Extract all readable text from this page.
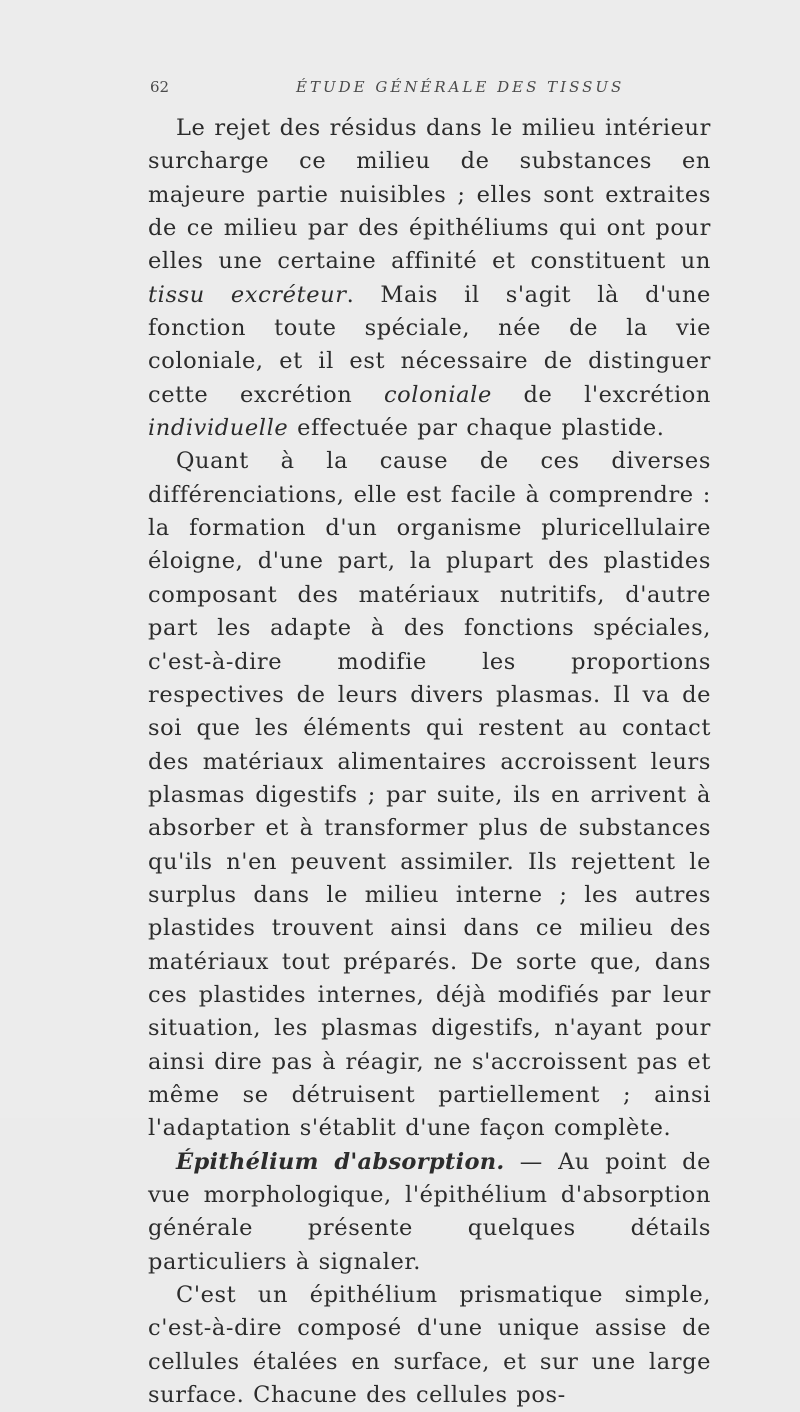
62	ÉTUDE GÉNÉRALE DES TISSUS

Le rejet des résidus dans le milieu intérieur surcharge ce milieu de substances en majeure partie nuisibles ; elles sont extraites de ce milieu par des épithéliums qui ont pour elles une certaine affinité et constituent un tissu excréteur. Mais il s'agit là d'une fonction toute spéciale, née de la vie coloniale, et il est nécessaire de distinguer cette excrétion coloniale de l'excrétion individuelle effectuée par chaque plastide.

Quant à la cause de ces diverses différenciations, elle est facile à comprendre : la formation d'un organisme pluricellulaire éloigne, d'une part, la plupart des plastides composant des matériaux nutritifs, d'autre part les adapte à des fonctions spéciales, c'est-à-dire modifie les proportions respectives de leurs divers plasmas. Il va de soi que les éléments qui restent au contact des matériaux alimentaires accroissent leurs plasmas digestifs ; par suite, ils en arrivent à absorber et à transformer plus de substances qu'ils n'en peuvent assimiler. Ils rejettent le surplus dans le milieu interne ; les autres plastides trouvent ainsi dans ce milieu des matériaux tout préparés. De sorte que, dans ces plastides internes, déjà modifiés par leur situation, les plasmas digestifs, n'ayant pour ainsi dire pas à réagir, ne s'accroissent pas et même se détruisent partiellement ; ainsi l'adaptation s'établit d'une façon complète.

Épithélium d'absorption. — Au point de vue morphologique, l'épithélium d'absorption générale présente quelques détails particuliers à signaler.

C'est un épithélium prismatique simple, c'est-à-dire composé d'une unique assise de cellules étalées en surface, et sur une large surface. Chacune des cellules pos-
